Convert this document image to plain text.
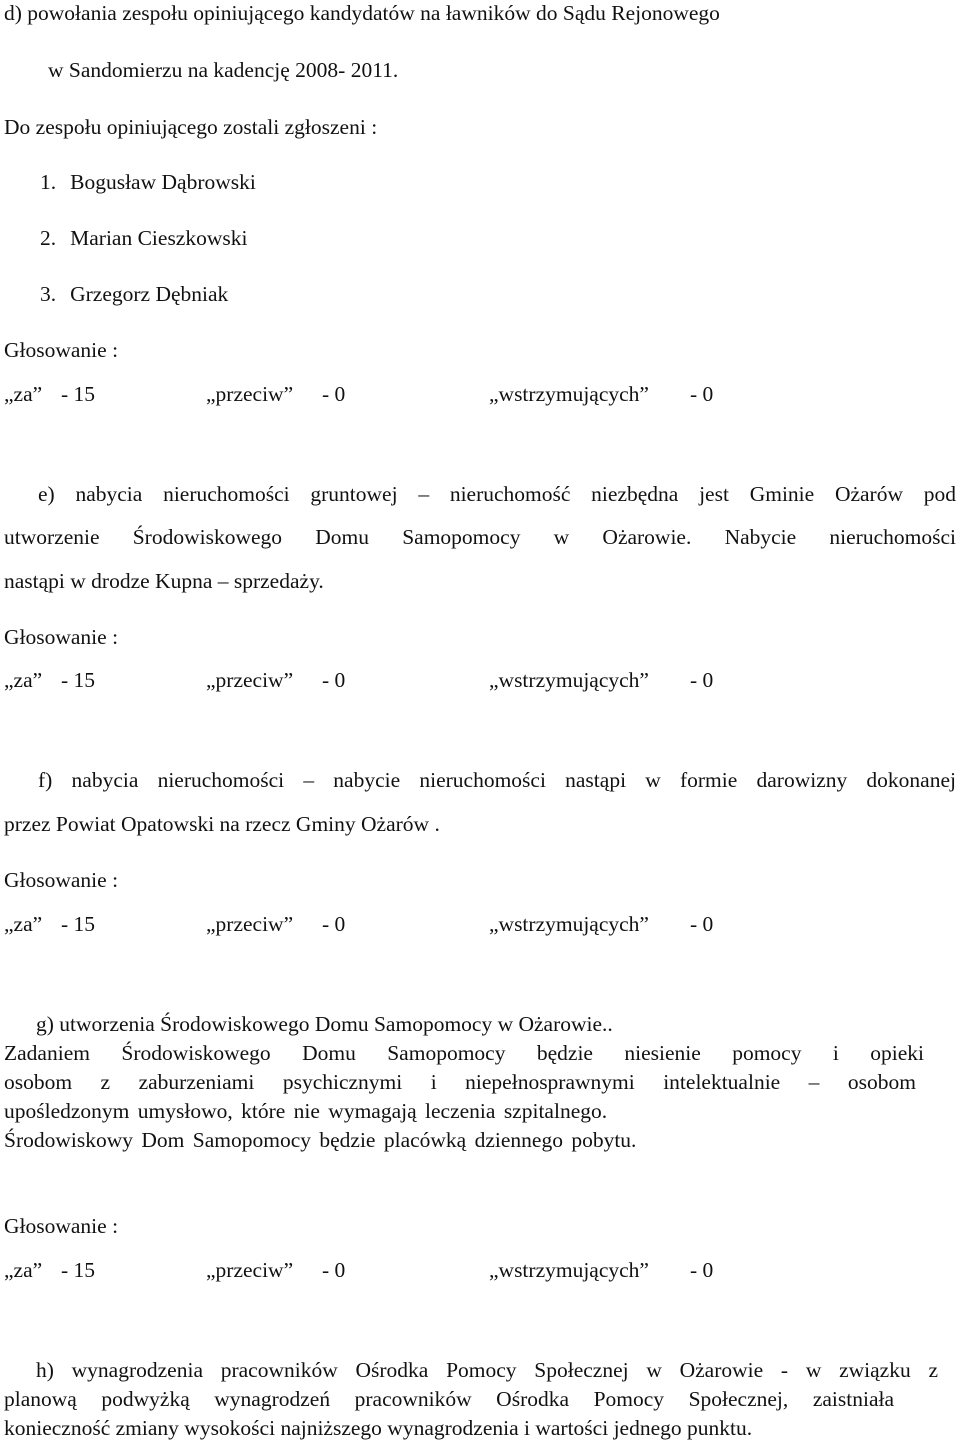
d) powołania zespołu opiniującego kandydatów na ławników do Sądu Rejonowego
w Sandomierzu na kadencję 2008- 2011.
Do zespołu opiniującego zostali zgłoszeni :
1. Bogusław Dąbrowski
2. Marian Cieszkowski
3. Grzegorz Dębniak
Głosowanie :
„za” - 15	„przeciw” - 0	„wstrzymujących” - 0
e) nabycia nieruchomości gruntowej – nieruchomość niezbędna jest Gminie Ożarów pod
utworzenie Środowiskowego Domu Samopomocy w Ożarowie. Nabycie nieruchomości
nastąpi w drodze Kupna – sprzedaży.
Głosowanie :
„za” - 15	„przeciw” - 0	„wstrzymujących” - 0
f) nabycia nieruchomości – nabycie nieruchomości nastąpi w formie darowizny dokonanej
przez Powiat Opatowski na rzecz Gminy Ożarów .
Głosowanie :
„za” - 15	„przeciw” - 0	„wstrzymujących” - 0
g) utworzenia Środowiskowego Domu Samopomocy w Ożarowie..
Zadaniem Środowiskowego Domu Samopomocy będzie niesienie pomocy i opieki
osobom z zaburzeniami psychicznymi i niepełnosprawnymi intelektualnie – osobom
upośledzonym umysłowo, które nie wymagają leczenia szpitalnego.
Środowiskowy Dom Samopomocy będzie placówką dziennego pobytu.
Głosowanie :
„za” - 15	„przeciw” - 0	„wstrzymujących” - 0
h) wynagrodzenia pracowników Ośrodka Pomocy Społecznej w Ożarowie - w związku z
planową podwyżką wynagrodzeń pracowników Ośrodka Pomocy Społecznej, zaistniała
konieczność zmiany wysokości najniższego wynagrodzenia i wartości jednego punktu.
